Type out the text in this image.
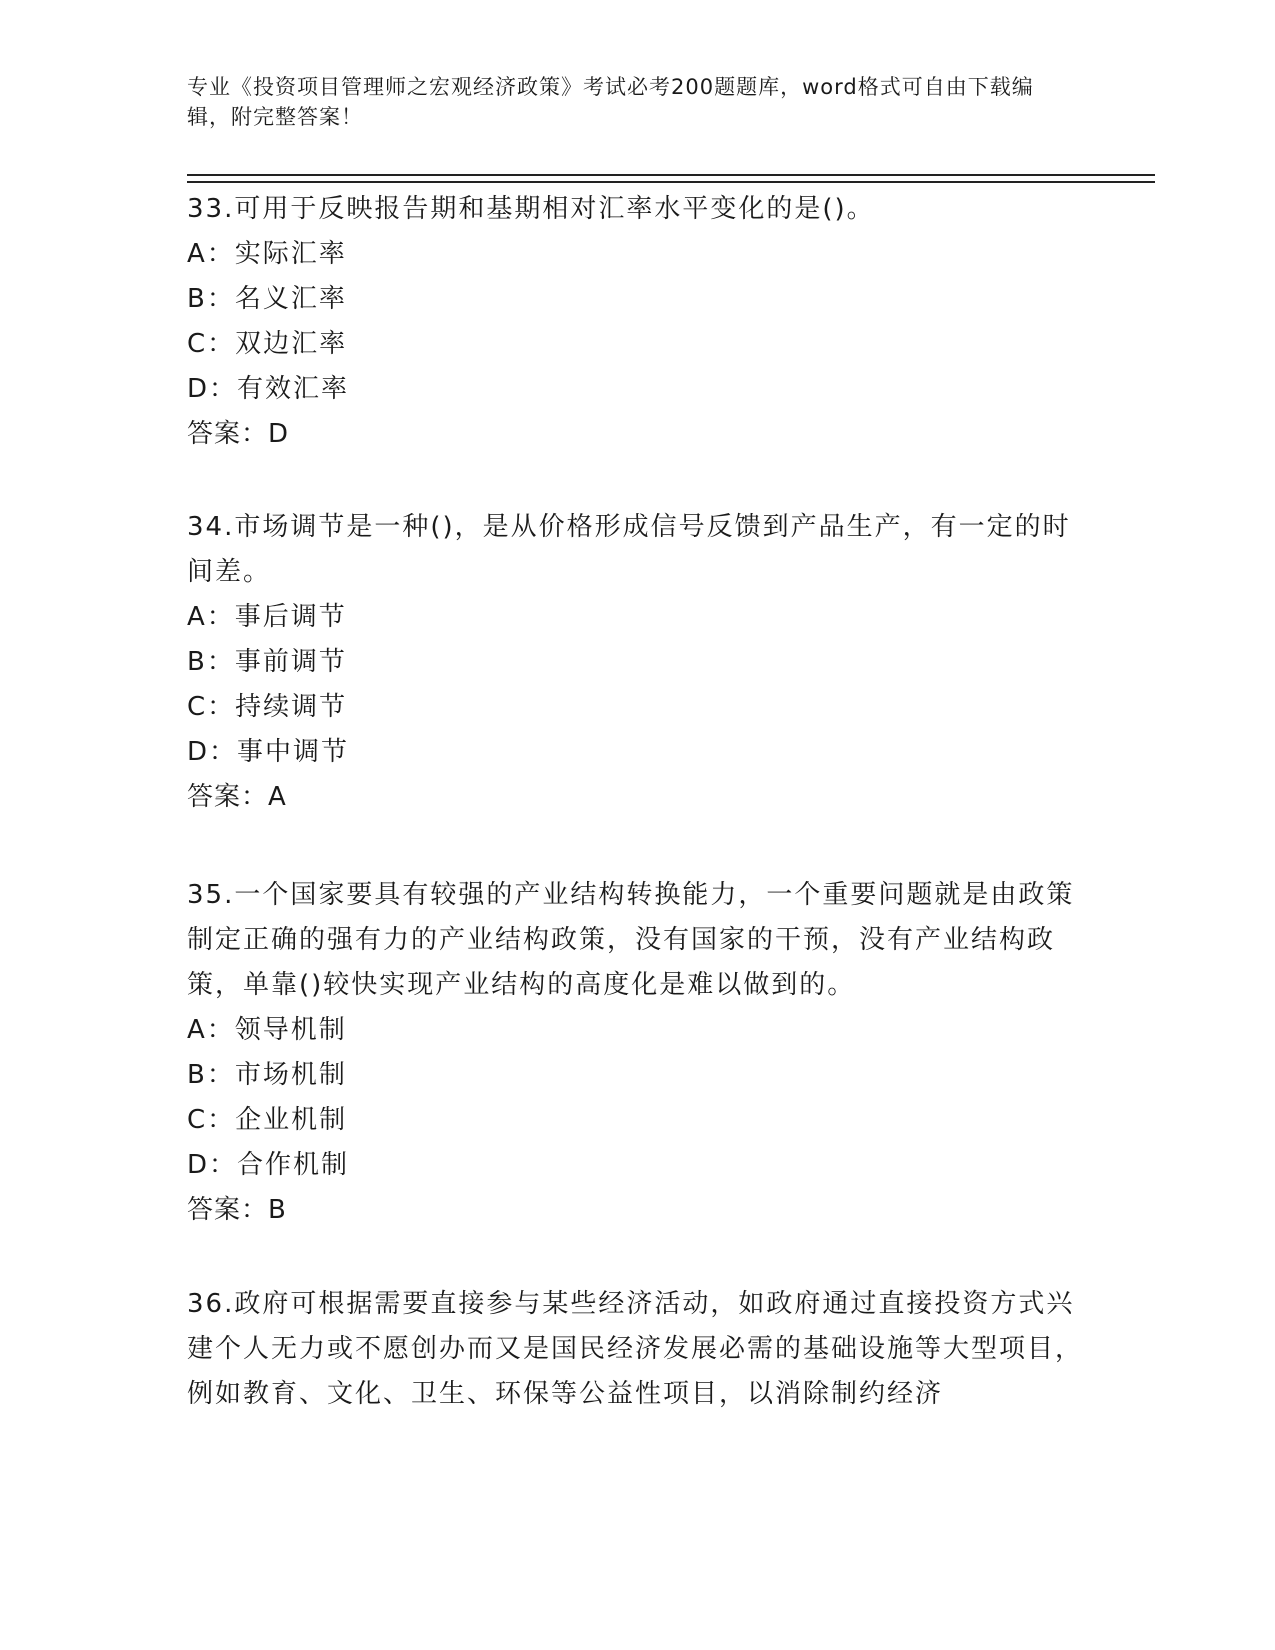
专业《投资项目管理师之宏观经济政策》考试必考200题题库，word格式可自由下载编辑，附完整答案！

33.可用于反映报告期和基期相对汇率水平变化的是()。

A：实际汇率

B：名义汇率

C：双边汇率

D：有效汇率

答案：D

34.市场调节是一种()，是从价格形成信号反馈到产品生产，有一定的时间差。

A：事后调节

B：事前调节

C：持续调节

D：事中调节

答案：A

35.一个国家要具有较强的产业结构转换能力，一个重要问题就是由政策制定正确的强有力的产业结构政策，没有国家的干预，没有产业结构政策，单靠()较快实现产业结构的高度化是难以做到的。

A：领导机制

B：市场机制

C：企业机制

D：合作机制

答案：B

36.政府可根据需要直接参与某些经济活动，如政府通过直接投资方式兴建个人无力或不愿创办而又是国民经济发展必需的基础设施等大型项目，例如教育、文化、卫生、环保等公益性项目，以消除制约经济
